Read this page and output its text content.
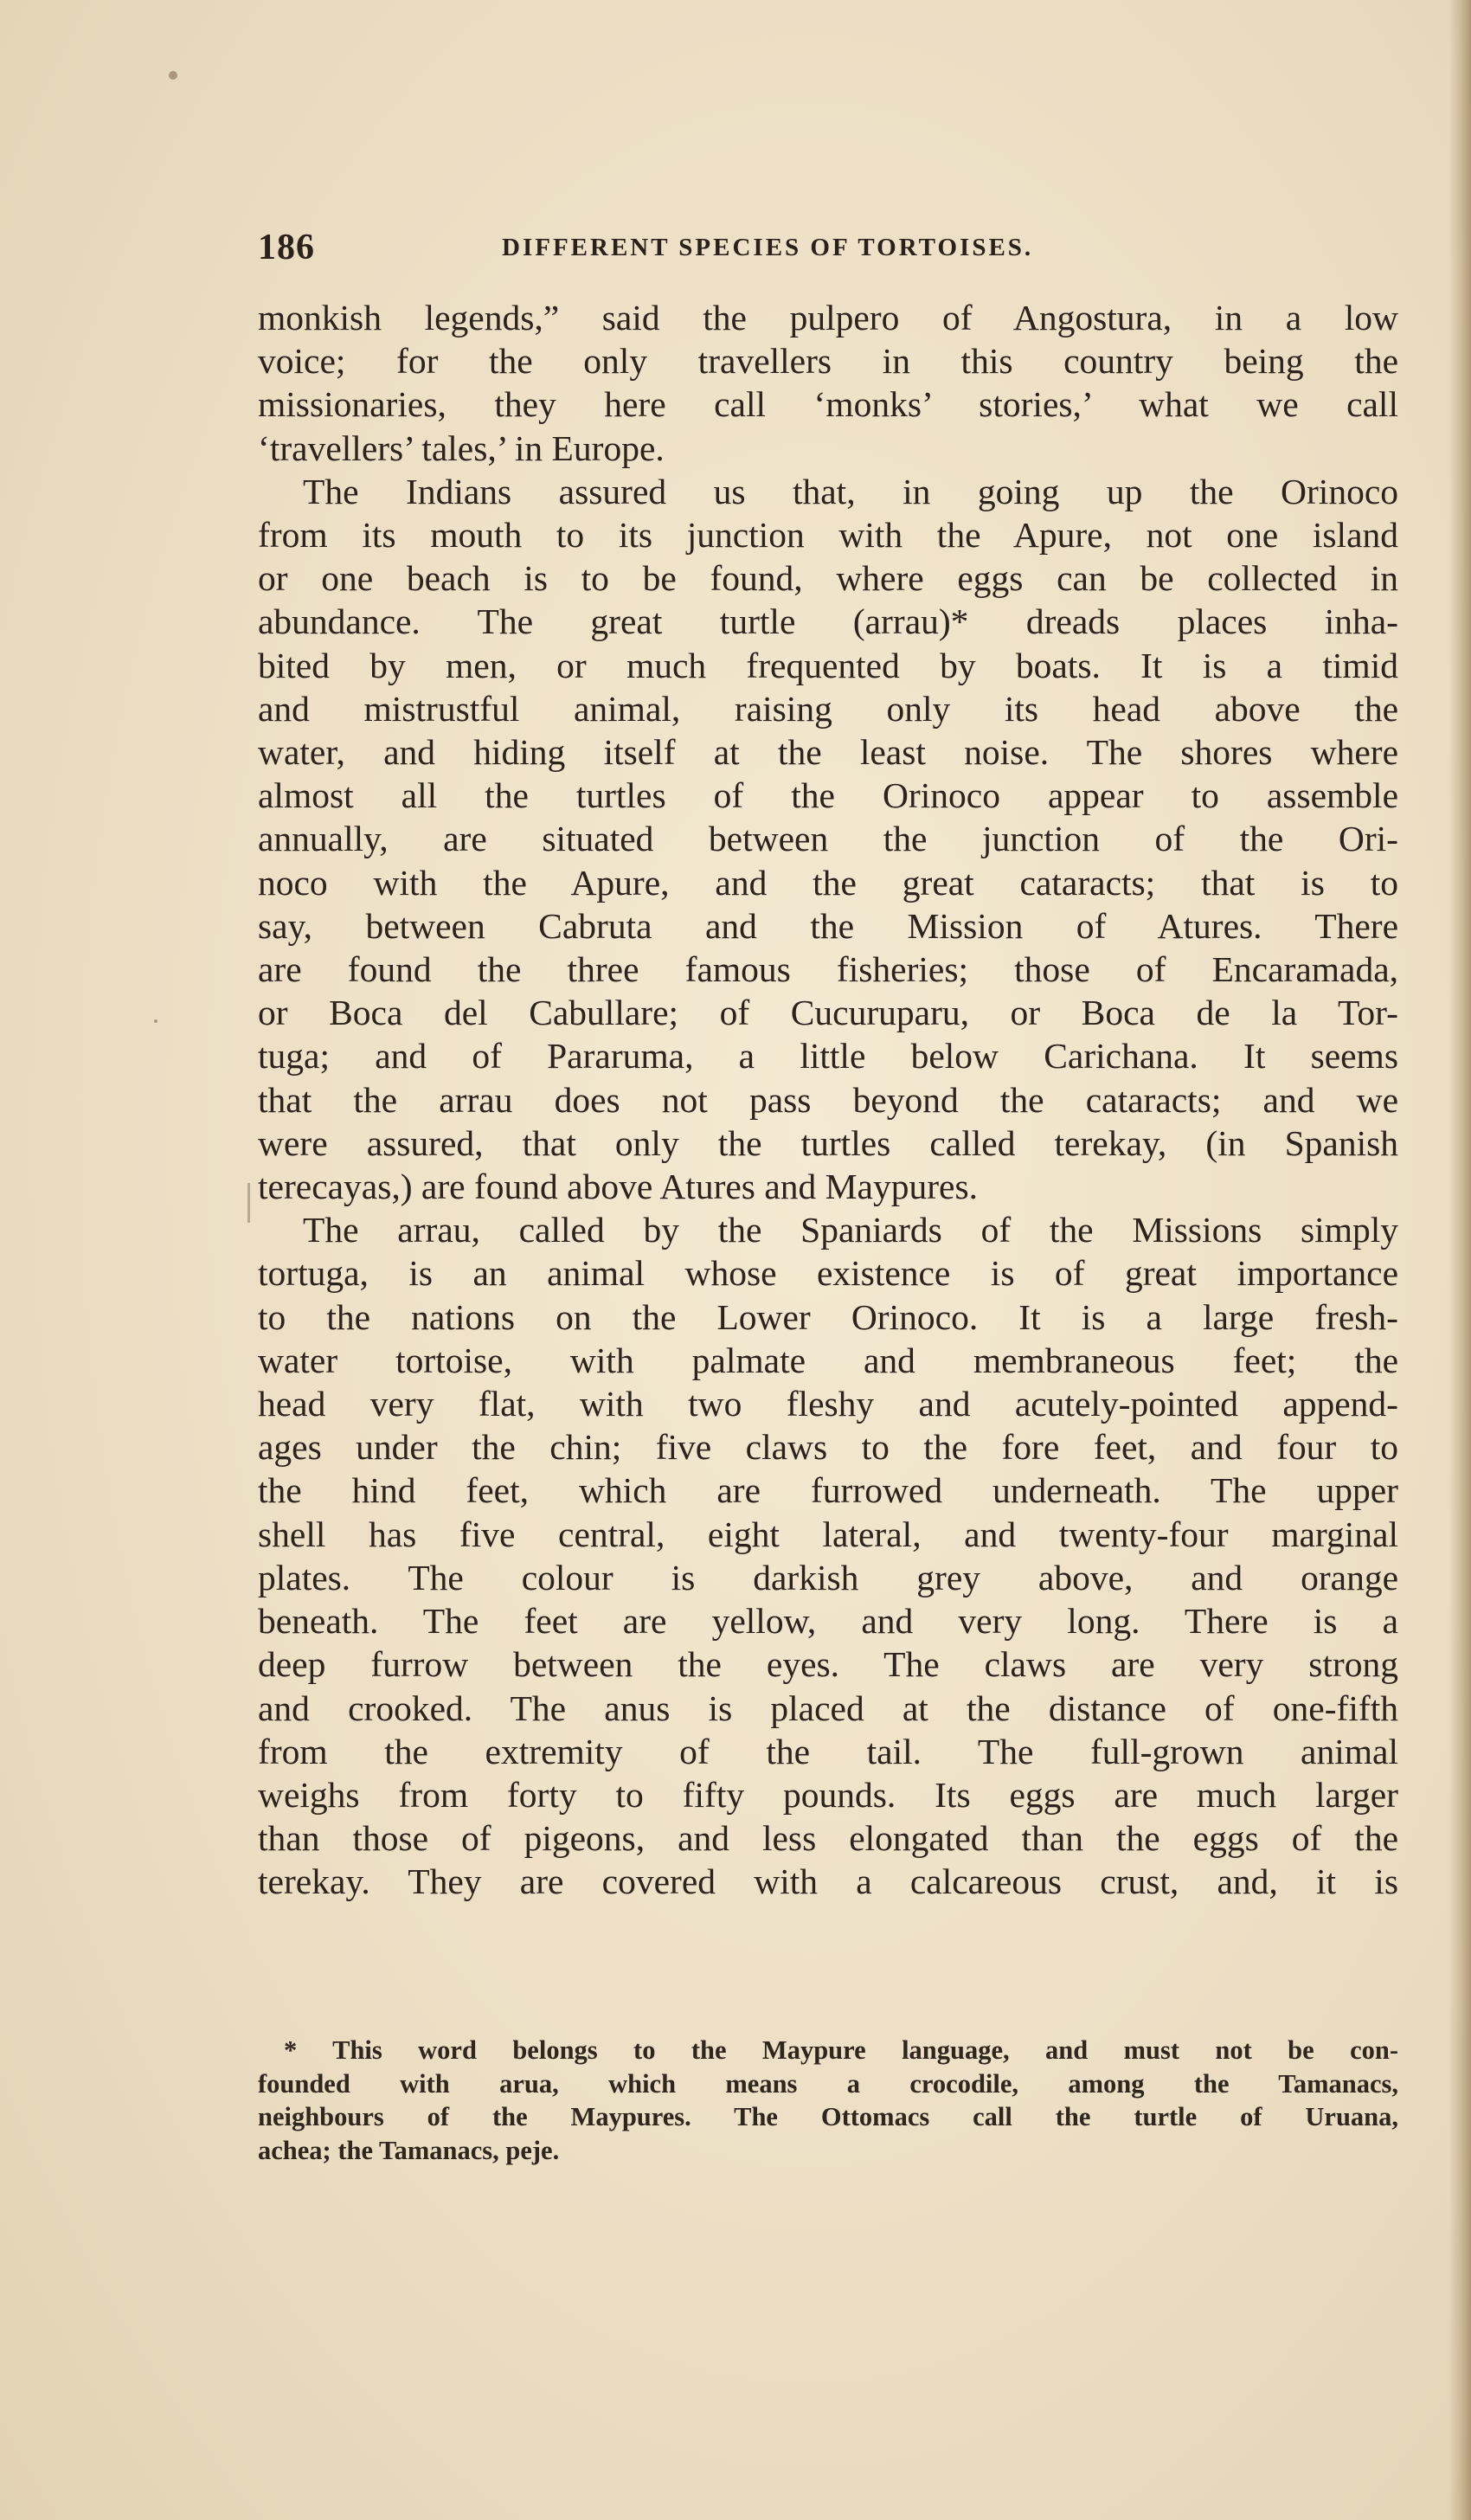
186	DIFFERENT SPECIES OF TORTOISES.
monkish legends,” said the pulpero of Angostura, in a low
voice; for the only travellers in this country being the
missionaries, they here call ‘monks’ stories,’ what we call
‘travellers’ tales,’ in Europe.
The Indians assured us that, in going up the Orinoco
from its mouth to its junction with the Apure, not one island
or one beach is to be found, where eggs can be collected in
abundance. The great turtle (arrau)* dreads places inha-
bited by men, or much frequented by boats. It is a timid
and mistrustful animal, raising only its head above the
water, and hiding itself at the least noise. The shores where
almost all the turtles of the Orinoco appear to assemble
annually, are situated between the junction of the Ori-
noco with the Apure, and the great cataracts; that is to
say, between Cabruta and the Mission of Atures. There
are found the three famous fisheries; those of Encaramada,
or Boca del Cabullare; of Cucuruparu, or Boca de la Tor-
tuga; and of Pararuma, a little below Carichana. It seems
that the arrau does not pass beyond the cataracts; and we
were assured, that only the turtles called terekay, (in Spanish
terecayas,) are found above Atures and Maypures.
The arrau, called by the Spaniards of the Missions simply
tortuga, is an animal whose existence is of great importance
to the nations on the Lower Orinoco. It is a large fresh-
water tortoise, with palmate and membraneous feet; the
head very flat, with two fleshy and acutely-pointed append-
ages under the chin; five claws to the fore feet, and four to
the hind feet, which are furrowed underneath. The upper
shell has five central, eight lateral, and twenty-four marginal
plates. The colour is darkish grey above, and orange
beneath. The feet are yellow, and very long. There is a
deep furrow between the eyes. The claws are very strong
and crooked. The anus is placed at the distance of one-fifth
from the extremity of the tail. The full-grown animal
weighs from forty to fifty pounds. Its eggs are much larger
than those of pigeons, and less elongated than the eggs of the
terekay. They are covered with a calcareous crust, and, it is
* This word belongs to the Maypure language, and must not be con-
founded with arua, which means a crocodile, among the Tamanacs,
neighbours of the Maypures. The Ottomacs call the turtle of Uruana,
achea; the Tamanacs, peje.
